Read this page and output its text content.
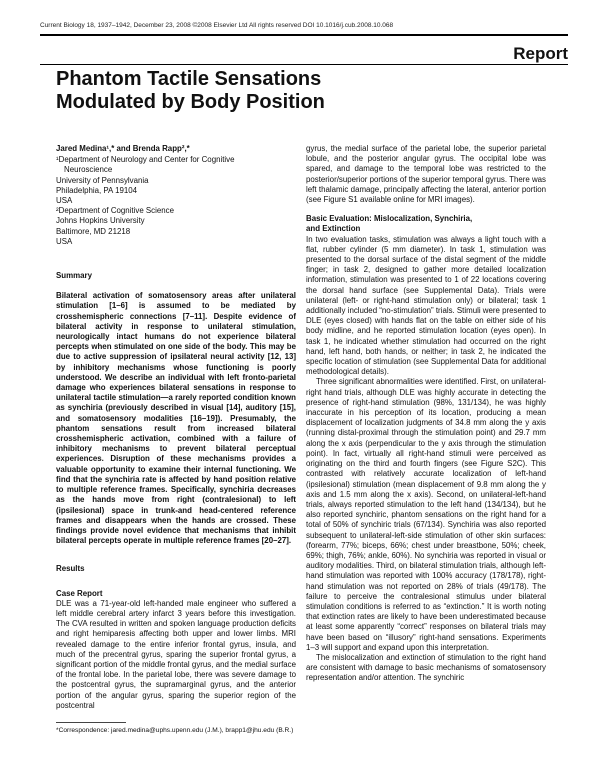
Current Biology 18, 1937–1942, December 23, 2008 ©2008 Elsevier Ltd All rights reserved DOI 10.1016/j.cub.2008.10.068
Report
Phantom Tactile Sensations Modulated by Body Position

Jared Medina¹,* and Brenda Rapp²,*

¹Department of Neurology and Center for Cognitive
Neuroscience
University of Pennsylvania
Philadelphia, PA 19104
USA
²Department of Cognitive Science
Johns Hopkins University
Baltimore, MD 21218
USA

Summary

Bilateral activation of somatosensory areas after unilateral stimulation [1–6] is assumed to be mediated by crosshemispheric connections [7–11]. Despite evidence of bilateral activity in response to unilateral stimulation, neurologically intact humans do not experience bilateral percepts when stimulated on one side of the body. This may be due to active suppression of ipsilateral neural activity [12, 13] by inhibitory mechanisms whose functioning is poorly understood. We describe an individual with left fronto-parietal damage who experiences bilateral sensations in response to unilateral tactile stimulation—a rarely reported condition known as synchiria (previously described in visual [14], auditory [15], and somatosensory modalities [16–19]). Presumably, the phantom sensations result from increased bilateral crosshemispheric activation, combined with a failure of inhibitory mechanisms to prevent bilateral perceptual experiences. Disruption of these mechanisms provides a valuable opportunity to examine their internal functioning. We find that the synchiria rate is affected by hand position relative to multiple reference frames. Specifically, synchiria decreases as the hands move from right (contralesional) to left (ipsilesional) space in trunk-and head-centered reference frames and disappears when the hands are crossed. These findings provide novel evidence that mechanisms that inhibit bilateral percepts operate in multiple reference frames [20–27].

Results

Case Report

DLE was a 71-year-old left-handed male engineer who suffered a left middle cerebral artery infarct 3 years before this investigation. The CVA resulted in written and spoken language production deficits and right hemiparesis affecting both upper and lower limbs. MRI revealed damage to the entire inferior frontal gyrus, insula, and much of the precentral gyrus, sparing the superior frontal gyrus, a significant portion of the middle frontal gyrus, and the medial surface of the frontal lobe. In the parietal lobe, there was severe damage to the postcentral gyrus, the supramarginal gyrus, and the anterior portion of the angular gyrus, sparing the superior region of the postcentral

gyrus, the medial surface of the parietal lobe, the superior parietal lobule, and the posterior angular gyrus. The occipital lobe was spared, and damage to the temporal lobe was restricted to the posterior/superior portions of the superior temporal gyrus. There was left thalamic damage, principally affecting the lateral, anterior portion (see Figure S1 available online for MRI images).

Basic Evaluation: Mislocalization, Synchiria,

and Extinction

In two evaluation tasks, stimulation was always a light touch with a flat, rubber cylinder (5 mm diameter). In task 1, stimulation was presented to the dorsal surface of the distal segment of the middle finger; in task 2, designed to gather more detailed localization information, stimulation was presented to 1 of 22 locations covering the dorsal hand surface (see Supplemental Data). Trials were unilateral (left- or right-hand stimulation only) or bilateral; task 1 additionally included “no-stimulation” trials. Stimuli were presented to DLE (eyes closed) with hands flat on the table on either side of his body midline, and he reported stimulation location (eyes open). In task 1, he indicated whether stimulation had occurred on the right hand, left hand, both hands, or neither; in task 2, he indicated the specific location of stimulation (see Supplemental Data for additional methodological details).

Three significant abnormalities were identified. First, on unilateral-right hand trials, although DLE was highly accurate in detecting the presence of right-hand stimulation (98%, 131/134), he was highly inaccurate in his perception of its location, producing a mean displacement of localization judgments of 34.8 mm along the y axis (running distal-proximal through the stimulation point) and 29.7 mm along the x axis (perpendicular to the y axis through the stimulation point). In fact, virtually all right-hand stimuli were perceived as originating on the third and fourth fingers (see Figure S2C). This contrasted with relatively accurate localization of left-hand (ipsilesional) stimulation (mean displacement of 9.8 mm along the y axis and 1.5 mm along the x axis). Second, on unilateral-left-hand trials, always reported stimulation to the left hand (134/134), but he also reported synchiric, phantom sensations on the right hand for a total of 50% of synchiric trials (67/134). Synchiria was also reported subsequent to unilateral-left-side stimulation of other skin surfaces: (forearm, 77%; biceps, 66%; chest under breastbone, 50%; cheek, 69%; thigh, 76%; ankle, 60%). No synchiria was reported in visual or auditory modalities. Third, on bilateral stimulation trials, although left-hand stimulation was reported with 100% accuracy (178/178), right-hand stimulation was not reported on 28% of trials (49/178). The failure to perceive the contralesional stimulus under bilateral stimulation conditions is referred to as “extinction.” It is worth noting that extinction rates are likely to have been underestimated because at least some apparently “correct” responses on bilateral trials may have been based on “illusory” right-hand sensations. Experiments 1–3 will support and expand upon this interpretation.

The mislocalization and extinction of stimulation to the right hand are consistent with damage to basic mechanisms of somatosensory representation and/or attention. The synchiric

*Correspondence: jared.medina@uphs.upenn.edu (J.M.), brapp1@jhu.edu (B.R.)
